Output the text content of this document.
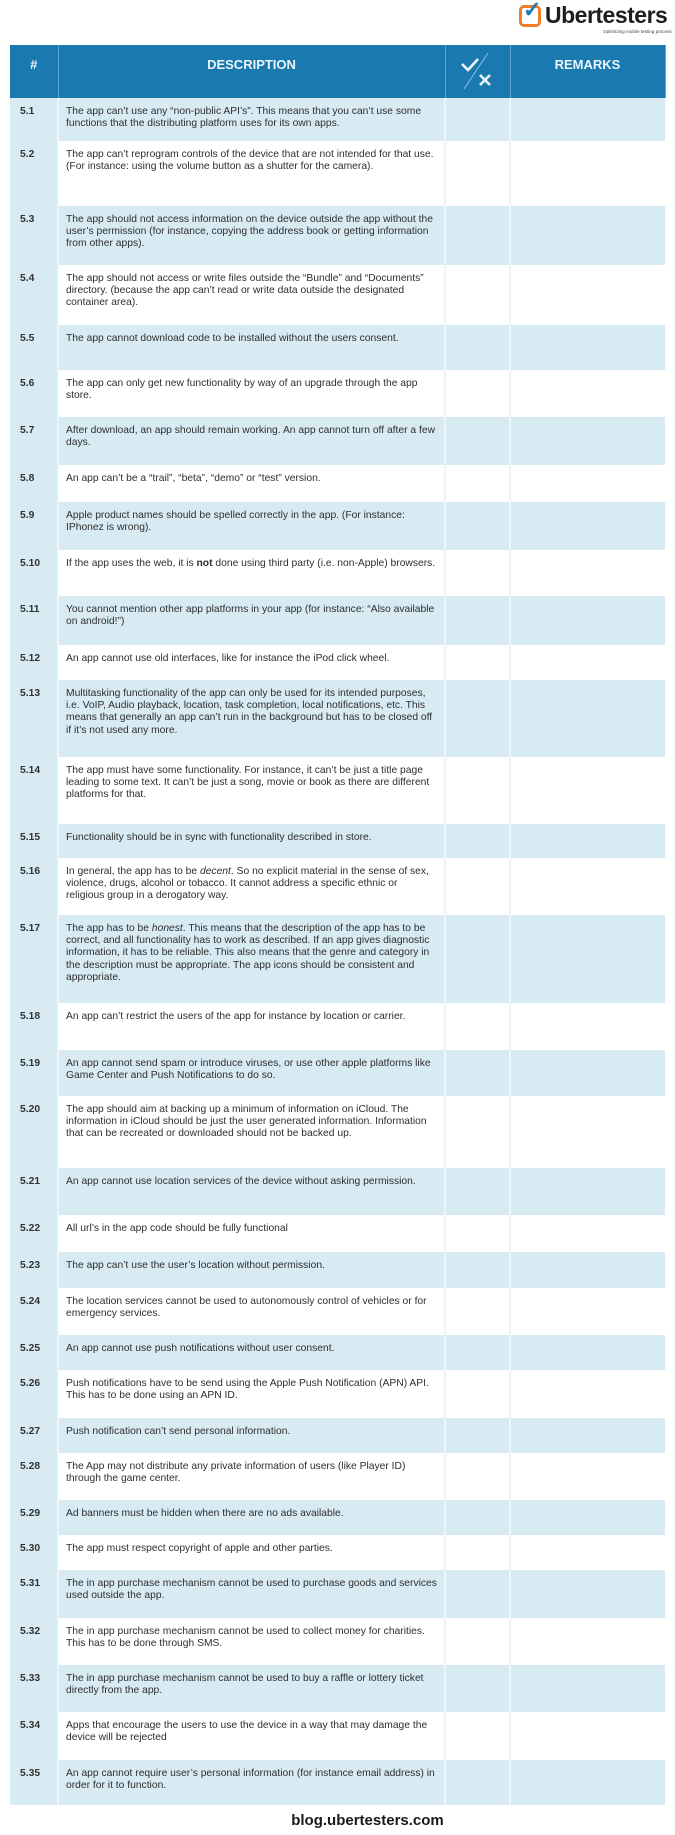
✓ Ubertesters
Optimizing mobile testing process
#	DESCRIPTION		REMARKS
5.1	The app can’t use any “non-public API’s”. This means that you can’t use some functions that the distributing platform uses for its own apps.		
5.2	The app can’t reprogram controls of the device that are not intended for that use. (For instance: using the volume button as a shutter for the camera).		
5.3	The app should not access information on the device outside the app without the user’s permission (for instance, copying the address book or getting information from other apps).		
5.4	The app should not access or write files outside the “Bundle” and “Documents” directory. (because the app can’t read or write data outside the designated container area).		
5.5	The app cannot download code to be installed without the users consent.		
5.6	The app can only get new functionality by way of an upgrade through the app store.		
5.7	After download, an app should remain working. An app cannot turn off after a few days.		
5.8	An app can’t be a “trail”, “beta”, “demo” or “test” version.		
5.9	Apple product names should be spelled correctly in the app. (For instance: IPhonez is wrong).		
5.10	If the app uses the web, it is not done using third party (i.e. non-Apple) browsers.		
5.11	You cannot mention other app platforms in your app (for instance: “Also available on android!”)		
5.12	An app cannot use old interfaces, like for instance the iPod click wheel.		
5.13	Multitasking functionality of the app can only be used for its intended purposes, i.e. VoIP, Audio playback, location, task completion, local notifications, etc. This means that generally an app can’t run in the background but has to be closed off if it’s not used any more.		
5.14	The app must have some functionality. For instance, it can’t be just a title page leading to some text. It can’t be just a song, movie or book as there are different platforms for that.		
5.15	Functionality should be in sync with functionality described in store.		
5.16	In general, the app has to be decent. So no explicit material in the sense of sex, violence, drugs, alcohol or tobacco. It cannot address a specific ethnic or religious group in a derogatory way.		
5.17	The app has to be honest. This means that the description of the app has to be correct, and all functionality has to work as described. If an app gives diagnostic information, it has to be reliable. This also means that the genre and category in the description must be appropriate. The app icons should be consistent and appropriate.		
5.18	An app can’t restrict the users of the app for instance by location or carrier.		
5.19	An app cannot send spam or introduce viruses, or use other apple platforms like Game Center and Push Notifications to do so.		
5.20	The app should aim at backing up a minimum of information on iCloud. The information in iCloud should be just the user generated information. Information that can be recreated or downloaded should not be backed up.		
5.21	An app cannot use location services of the device without asking permission.		
5.22	All url’s in the app code should be fully functional		
5.23	The app can’t use the user’s location without permission.		
5.24	The location services cannot be used to autonomously control of vehicles or for emergency services.		
5.25	An app cannot use push notifications without user consent.		
5.26	Push notifications have to be send using the Apple Push Notification (APN) API. This has to be done using an APN ID.		
5.27	Push notification can’t send personal information.		
5.28	The App may not distribute any private information of users (like Player ID) through the game center.		
5.29	Ad banners must be hidden when there are no ads available.		
5.30	The app must respect copyright of apple and other parties.		
5.31	The in app purchase mechanism cannot be used to purchase goods and services used outside the app.		
5.32	The in app purchase mechanism cannot be used to collect money for charities. This has to be done through SMS.		
5.33	The in app purchase mechanism cannot be used to buy a raffle or lottery ticket directly from the app.		
5.34	Apps that encourage the users to use the device in a way that may damage the device will be rejected		
5.35	An app cannot require user’s personal information (for instance email address) in order for it to function.		
blog.ubertesters.com
